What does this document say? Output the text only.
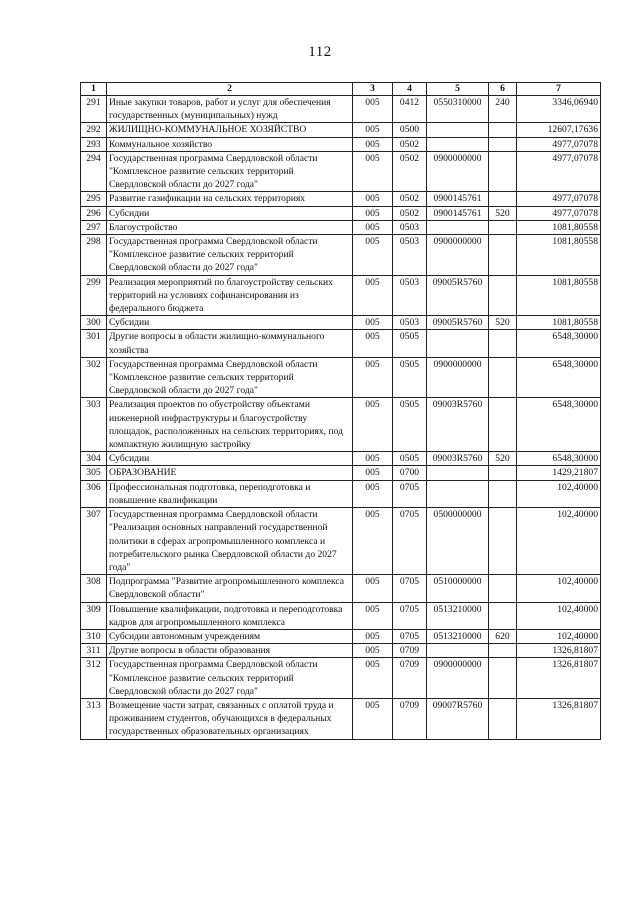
112
1	2	3	4	5	6	7
291	Иные закупки товаров, работ и услуг для обеспечения государственных (муниципальных) нужд	005	0412	0550310000	240	3346,06940
292	ЖИЛИЩНО-КОММУНАЛЬНОЕ ХОЗЯЙСТВО	005	0500			12607,17636
293	Коммунальное хозяйство	005	0502			4977,07078
294	Государственная программа Свердловской области "Комплексное развитие сельских территорий Свердловской области до 2027 года"	005	0502	0900000000		4977,07078
295	Развитие газификации на сельских территориях	005	0502	0900145761		4977,07078
296	Субсидии	005	0502	0900145761	520	4977,07078
297	Благоустройство	005	0503			1081,80558
298	Государственная программа Свердловской области "Комплексное развитие сельских территорий Свердловской области до 2027 года"	005	0503	0900000000		1081,80558
299	Реализация мероприятий по благоустройству сельских территорий на условиях софинансирования из федерального бюджета	005	0503	09005R5760		1081,80558
300	Субсидии	005	0503	09005R5760	520	1081,80558
301	Другие вопросы в области жилищно-коммунального хозяйства	005	0505			6548,30000
302	Государственная программа Свердловской области "Комплексное развитие сельских территорий Свердловской области до 2027 года"	005	0505	0900000000		6548,30000
303	Реализация проектов по обустройству объектами инженерной инфраструктуры и благоустройству площадок, расположенных на сельских территориях, под компактную жилищную застройку	005	0505	09003R5760		6548,30000
304	Субсидии	005	0505	09003R5760	520	6548,30000
305	ОБРАЗОВАНИЕ	005	0700			1429,21807
306	Профессиональная подготовка, переподготовка и повышение квалификации	005	0705			102,40000
307	Государственная программа Свердловской области "Реализация основных направлений государственной политики в сферах агропромышленного комплекса и потребительского рынка Свердловской области до 2027 года"	005	0705	0500000000		102,40000
308	Подпрограмма "Развитие агропромышленного комплекса Свердловской области"	005	0705	0510000000		102,40000
309	Повышение квалификации, подготовка и переподготовка кадров для агропромышленного комплекса	005	0705	0513210000		102,40000
310	Субсидии автономным учреждениям	005	0705	0513210000	620	102,40000
311	Другие вопросы в области образования	005	0709			1326,81807
312	Государственная программа Свердловской области "Комплексное развитие сельских территорий Свердловской области до 2027 года"	005	0709	0900000000		1326,81807
313	Возмещение части затрат, связанных с оплатой труда и проживанием студентов, обучающихся в федеральных государственных образовательных организациях	005	0709	09007R5760		1326,81807
